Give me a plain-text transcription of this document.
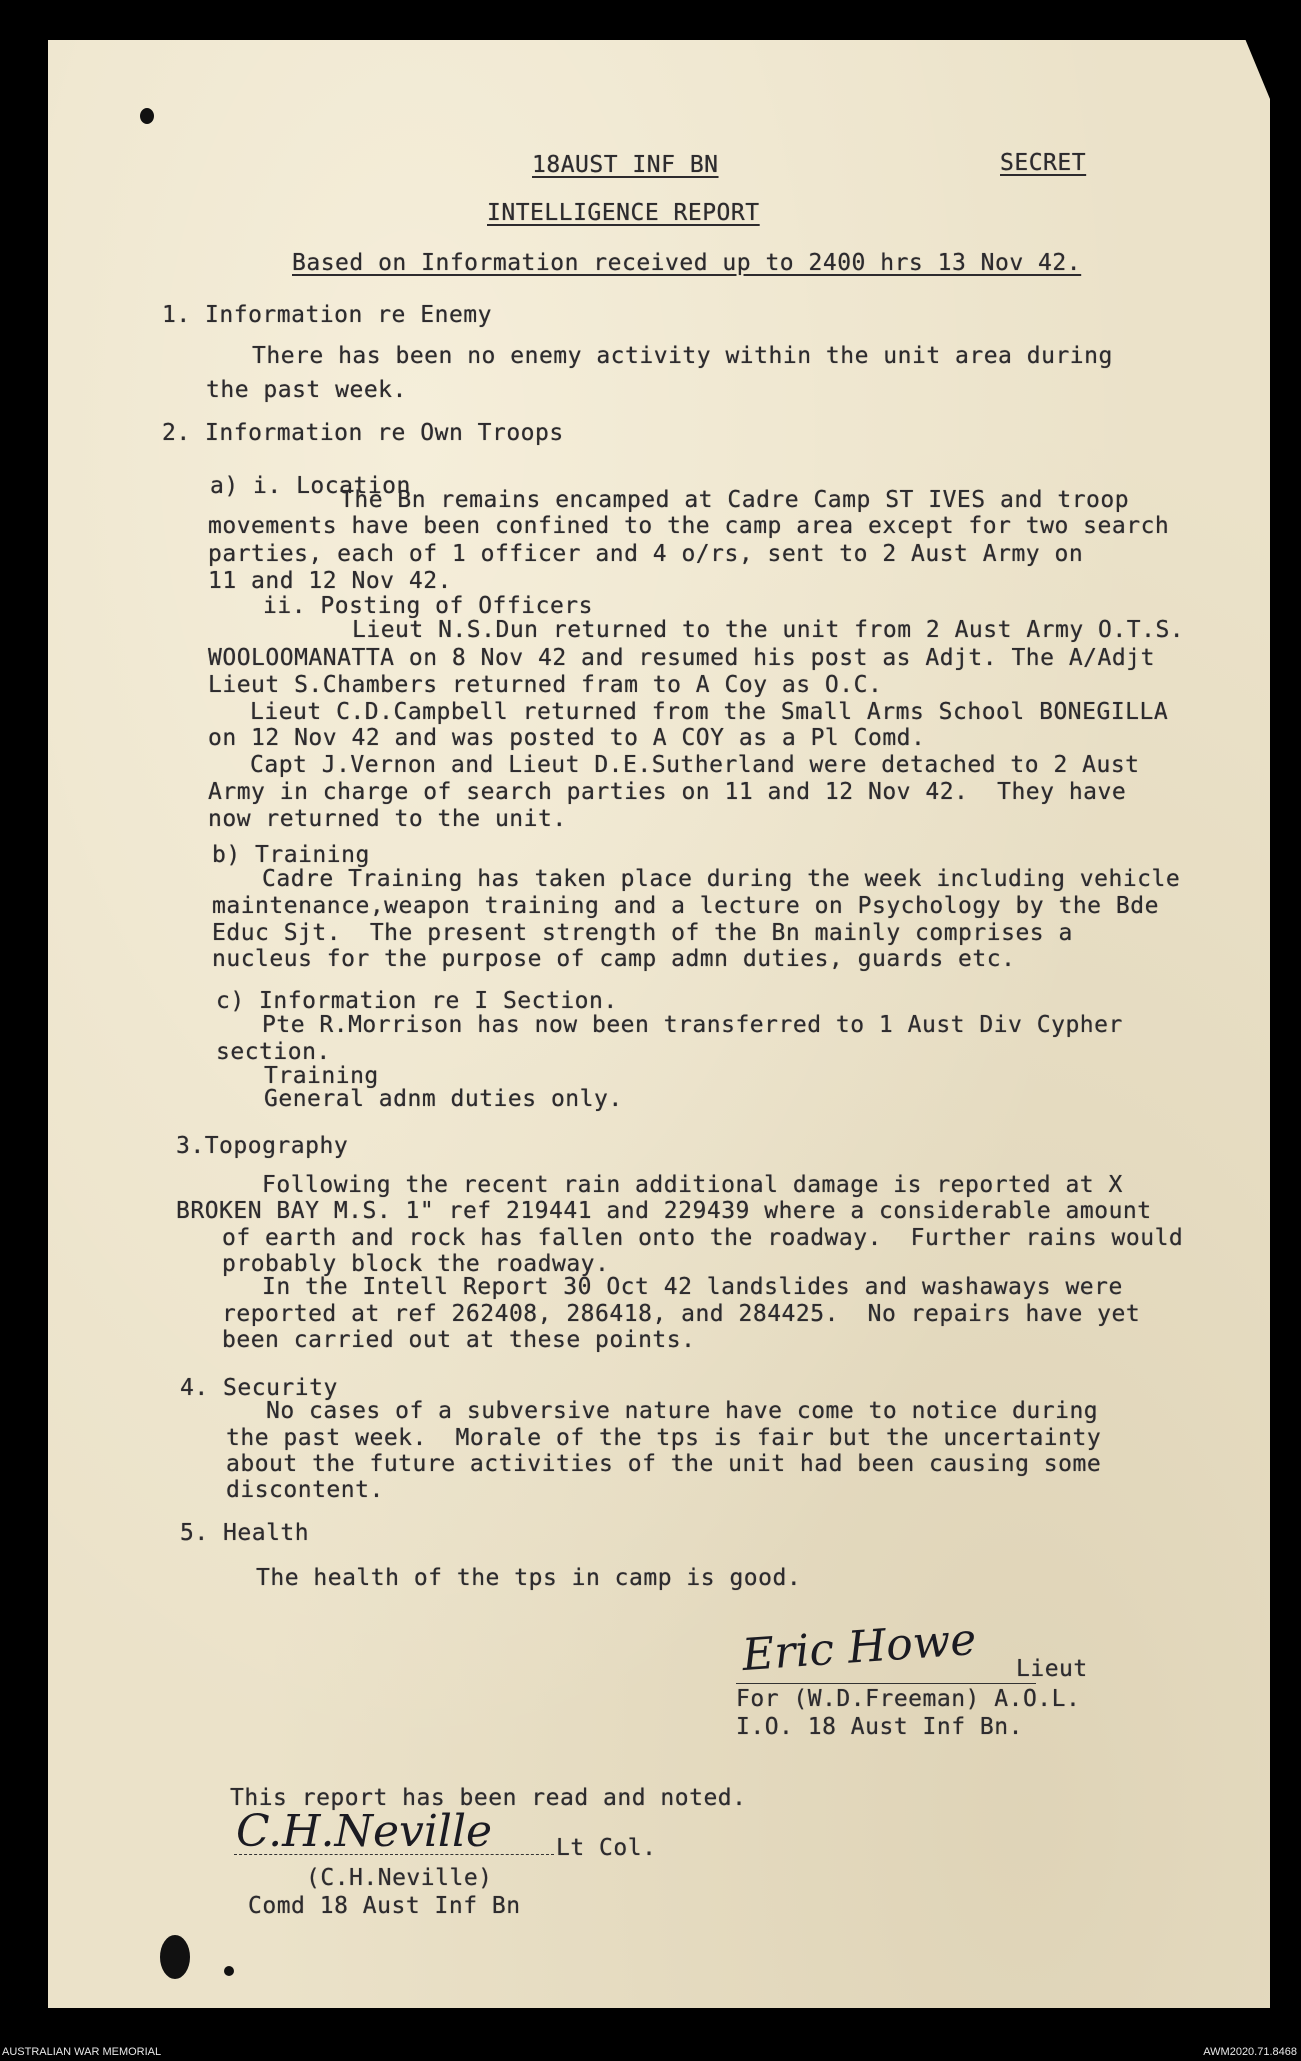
18AUST INF BN	SECRET
INTELLIGENCE REPORT
Based on Information received up to 2400 hrs 13 Nov 42.
1. Information re Enemy
There has been no enemy activity within the unit area during
the past week.
2. Information re Own Troops
a) i. Location
The Bn remains encamped at Cadre Camp ST IVES and troop
movements have been confined to the camp area except for two search
parties, each of 1 officer and 4 o/rs, sent to 2 Aust Army on
11 and 12 Nov 42.
ii. Posting of Officers
Lieut N.S.Dun returned to the unit from 2 Aust Army O.T.S.
WOOLOOMANATTA on 8 Nov 42 and resumed his post as Adjt. The A/Adjt
Lieut S.Chambers returned fram to A Coy as O.C.
Lieut C.D.Campbell returned from the Small Arms School BONEGILLA
on 12 Nov 42 and was posted to A COY as a Pl Comd.
Capt J.Vernon and Lieut D.E.Sutherland were detached to 2 Aust
Army in charge of search parties on 11 and 12 Nov 42.  They have
now returned to the unit.
b) Training
Cadre Training has taken place during the week including vehicle
maintenance,weapon training and a lecture on Psychology by the Bde
Educ Sjt.  The present strength of the Bn mainly comprises a
nucleus for the purpose of camp admn duties, guards etc.
c) Information re I Section.
Pte R.Morrison has now been transferred to 1 Aust Div Cypher
section.
Training
General adnm duties only.
3.Topography
Following the recent rain additional damage is reported at X
BROKEN BAY M.S. 1" ref 219441 and 229439 where a considerable amount
of earth and rock has fallen onto the roadway.  Further rains would
probably block the roadway.
In the Intell Report 30 Oct 42 landslides and washaways were
reported at ref 262408, 286418, and 284425.  No repairs have yet
been carried out at these points.
4. Security
No cases of a subversive nature have come to notice during
the past week.  Morale of the tps is fair but the uncertainty
about the future activities of the unit had been causing some
discontent.
5. Health
The health of the tps in camp is good.
Eric Howe Lieut
For (W.D.Freeman) A.O.L.
I.O. 18 Aust Inf Bn.
This report has been read and noted.
C.H.Neville	Lt Col.
(C.H.Neville)
Comd 18 Aust Inf Bn
AUSTRALIAN WAR MEMORIAL	AWM2020.71.8468
